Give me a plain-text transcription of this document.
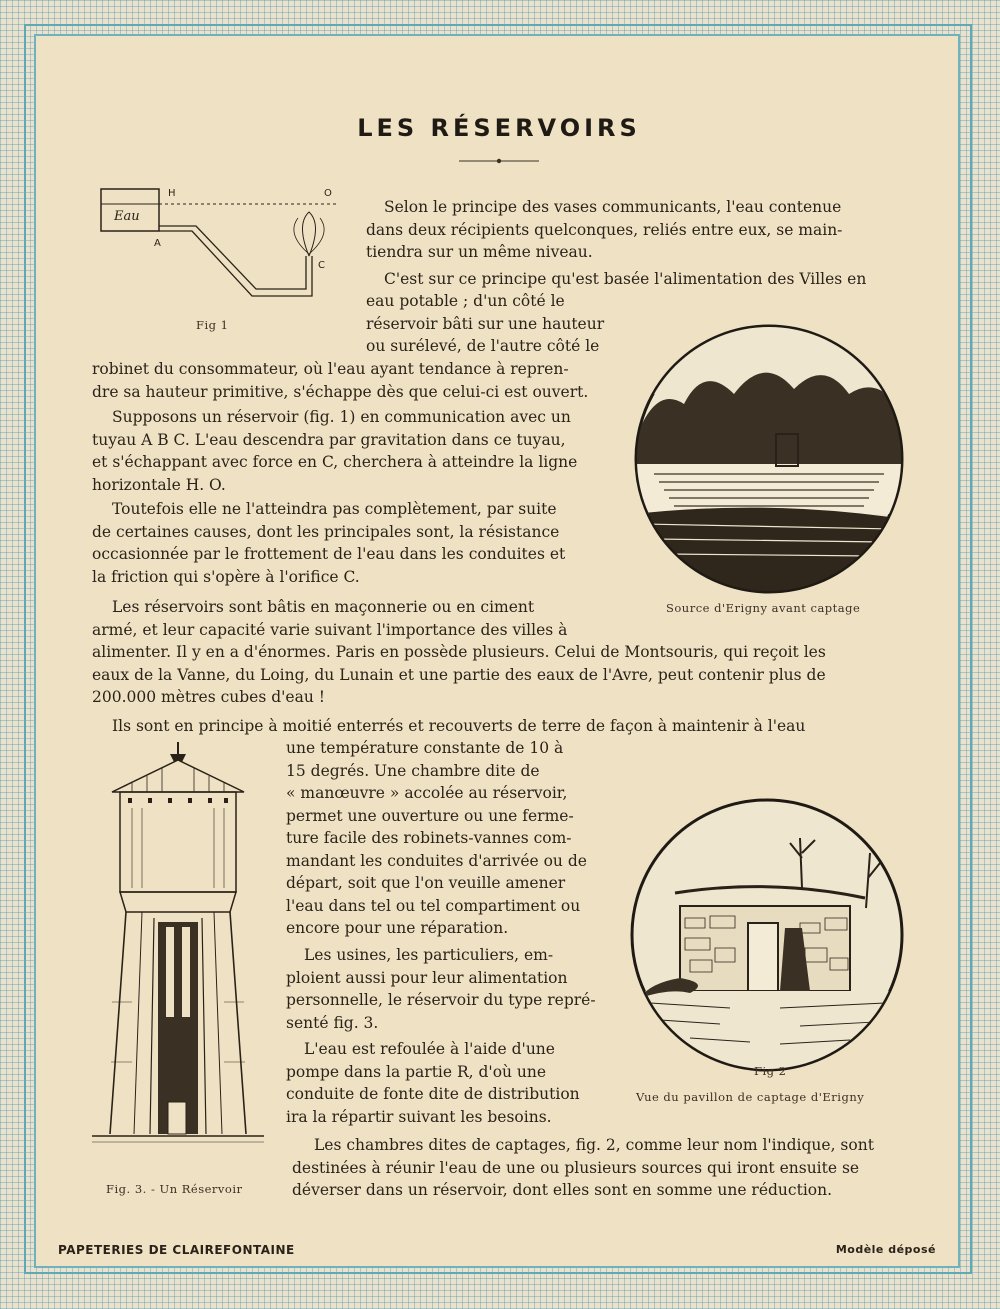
LES RÉSERVOIRS
Eau
H	O
A
C
Fig 1
Selon le principe des vases communicants, l'eau contenue
dans deux récipients quelconques, reliés entre eux, se main-
tiendra sur un même niveau.
C'est sur ce principe qu'est basée l'alimentation des Villes en
eau potable ; d'un côté le
réservoir bâti sur une hauteur
ou surélevé, de l'autre côté le
robinet du consommateur, où l'eau ayant tendance à repren-
dre sa hauteur primitive, s'échappe dès que celui-ci est ouvert.
Supposons un réservoir (fig. 1) en communication avec un
tuyau A B C. L'eau descendra par gravitation dans ce tuyau,
et s'échappant avec force en C, cherchera à atteindre la ligne
horizontale H. O.
Toutefois elle ne l'atteindra pas complètement, par suite
de certaines causes, dont les principales sont, la résistance
occasionnée par le frottement de l'eau dans les conduites et
la friction qui s'opère à l'orifice C.
Source d'Erigny avant captage
Les réservoirs sont bâtis en maçonnerie ou en ciment
armé, et leur capacité varie suivant l'importance des villes à
alimenter. Il y en a d'énormes. Paris en possède plusieurs. Celui de Montsouris, qui reçoit les
eaux de la Vanne, du Loing, du Lunain et une partie des eaux de l'Avre, peut contenir plus de
200.000 mètres cubes d'eau !
Ils sont en principe à moitié enterrés et recouverts de terre de façon à maintenir à l'eau
Fig. 3. - Un Réservoir
une température constante de 10 à
15 degrés. Une chambre dite de
« manœuvre » accolée au réservoir,
permet une ouverture ou une ferme-
ture facile des robinets-vannes com-
mandant les conduites d'arrivée ou de
départ, soit que l'on veuille amener
l'eau dans tel ou tel compartiment ou
encore pour une réparation.
Les usines, les particuliers, em-
ploient aussi pour leur alimentation
personnelle, le réservoir du type repré-
senté fig. 3.
L'eau est refoulée à l'aide d'une
pompe dans la partie R, d'où une
conduite de fonte dite de distribution
ira la répartir suivant les besoins.
Fig 2
Vue du pavillon de captage d'Erigny
Les chambres dites de captages, fig. 2, comme leur nom l'indique, sont
destinées à réunir l'eau de une ou plusieurs sources qui iront ensuite se
déverser dans un réservoir, dont elles sont en somme une réduction.
PAPETERIES DE CLAIREFONTAINE	Modèle déposé
